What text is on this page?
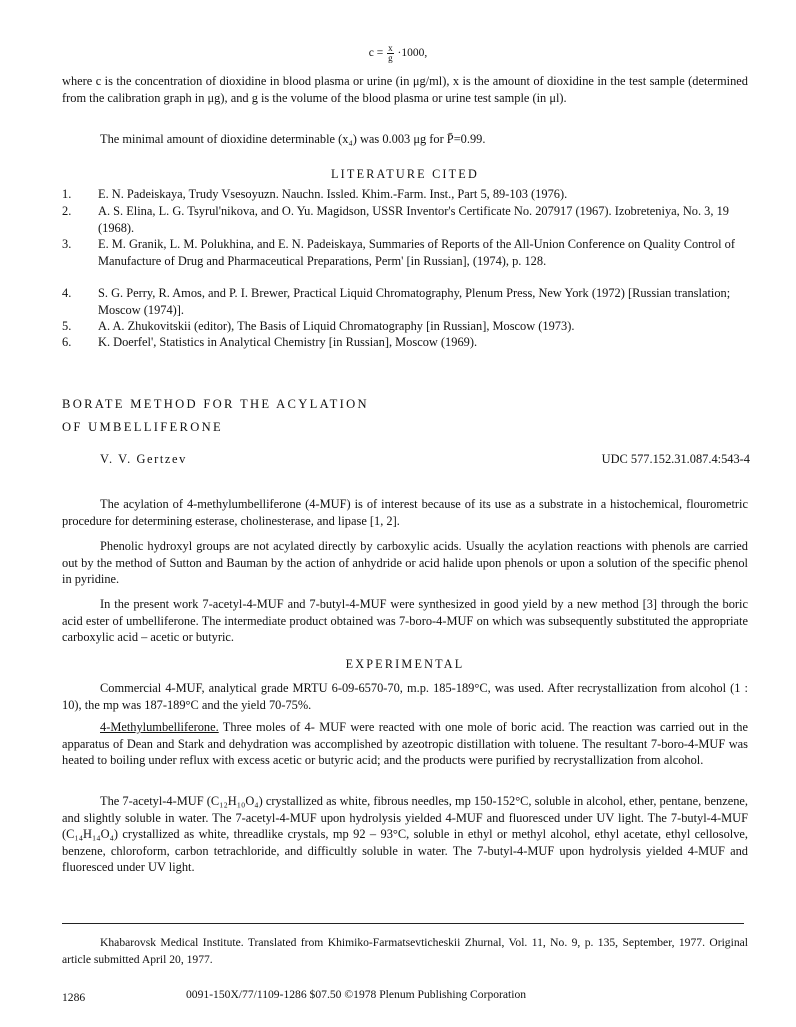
$c = \frac{x}{g} \cdot 1000$,

where c is the concentration of dioxidine in blood plasma or urine (in μg/ml), x is the amount of dioxidine in the test sample (determined from the calibration graph in μg), and g is the volume of the blood plasma or urine test sample (in μl).

The minimal amount of dioxidine determinable (x₄) was 0.003 μg for P̄=0.99.

LITERATURE CITED
1. E. N. Padeiskaya, Trudy Vsesoyuzn. Nauchn. Issled. Khim.-Farm. Inst., Part 5, 89-103 (1976).
2. A. S. Elina, L. G. Tsyrul'nikova, and O. Yu. Magidson, USSR Inventor's Certificate No. 207917 (1967). Izobreteniya, No. 3, 19 (1968).
3. E. M. Granik, L. M. Polukhina, and E. N. Padeiskaya, Summaries of Reports of the All-Union Conference on Quality Control of Manufacture of Drug and Pharmaceutical Preparations, Perm' [in Russian], (1974), p. 128.
4. S. G. Perry, R. Amos, and P. I. Brewer, Practical Liquid Chromatography, Plenum Press, New York (1972) [Russian translation; Moscow (1974)].
5. A. A. Zhukovitskii (editor), The Basis of Liquid Chromatography [in Russian], Moscow (1973).
6. K. Doerfel', Statistics in Analytical Chemistry [in Russian], Moscow (1969).
BORATE METHOD FOR THE ACYLATION
OF UMBELLIFERONE
V. V. Gertzev	UDC 577.152.31.087.4:543-4

The acylation of 4-methylumbelliferone (4-MUF) is of interest because of its use as a substrate in a histochemical, flourometric procedure for determining esterase, cholinesterase, and lipase [1, 2].

Phenolic hydroxyl groups are not acylated directly by carboxylic acids. Usually the acylation reactions with phenols are carried out by the method of Sutton and Bauman by the action of anhydride or acid halide upon phenols or upon a solution of the specific phenol in pyridine.

In the present work 7-acetyl-4-MUF and 7-butyl-4-MUF were synthesized in good yield by a new method [3] through the boric acid ester of umbelliferone. The intermediate product obtained was 7-boro-4-MUF on which was subsequently substituted the appropriate carboxylic acid – acetic or butyric.

EXPERIMENTAL

Commercial 4-MUF, analytical grade MRTU 6-09-6570-70, m.p. 185-189°C, was used. After recrystallization from alcohol (1 : 10), the mp was 187-189°C and the yield 70-75%.

4-Methylumbelliferone. Three moles of 4- MUF were reacted with one mole of boric acid. The reaction was carried out in the apparatus of Dean and Stark and dehydration was accomplished by azeotropic distillation with toluene. The resultant 7-boro-4-MUF was heated to boiling under reflux with excess acetic or butyric acid; and the products were purified by recrystallization from alcohol.

The 7-acetyl-4-MUF (C₁₂H₁₀O₄) crystallized as white, fibrous needles, mp 150-152°C, soluble in alcohol, ether, pentane, benzene, and slightly soluble in water. The 7-acetyl-4-MUF upon hydrolysis yielded 4-MUF and fluoresced under UV light. The 7-butyl-4-MUF (C₁₄H₁₄O₄) crystallized as white, threadlike crystals, mp 92 – 93°C, soluble in ethyl or methyl alcohol, ethyl acetate, ethyl cellosolve, benzene, chloroform, carbon tetrachloride, and difficultly soluble in water. The 7-butyl-4-MUF upon hydrolysis yielded 4-MUF and fluoresced under UV light.

Khabarovsk Medical Institute. Translated from Khimiko-Farmatsevticheskii Zhurnal, Vol. 11, No. 9, p. 135, September, 1977. Original article submitted April 20, 1977.

1286	0091-150X/77/1109-1286 $07.50 ©1978 Plenum Publishing Corporation
